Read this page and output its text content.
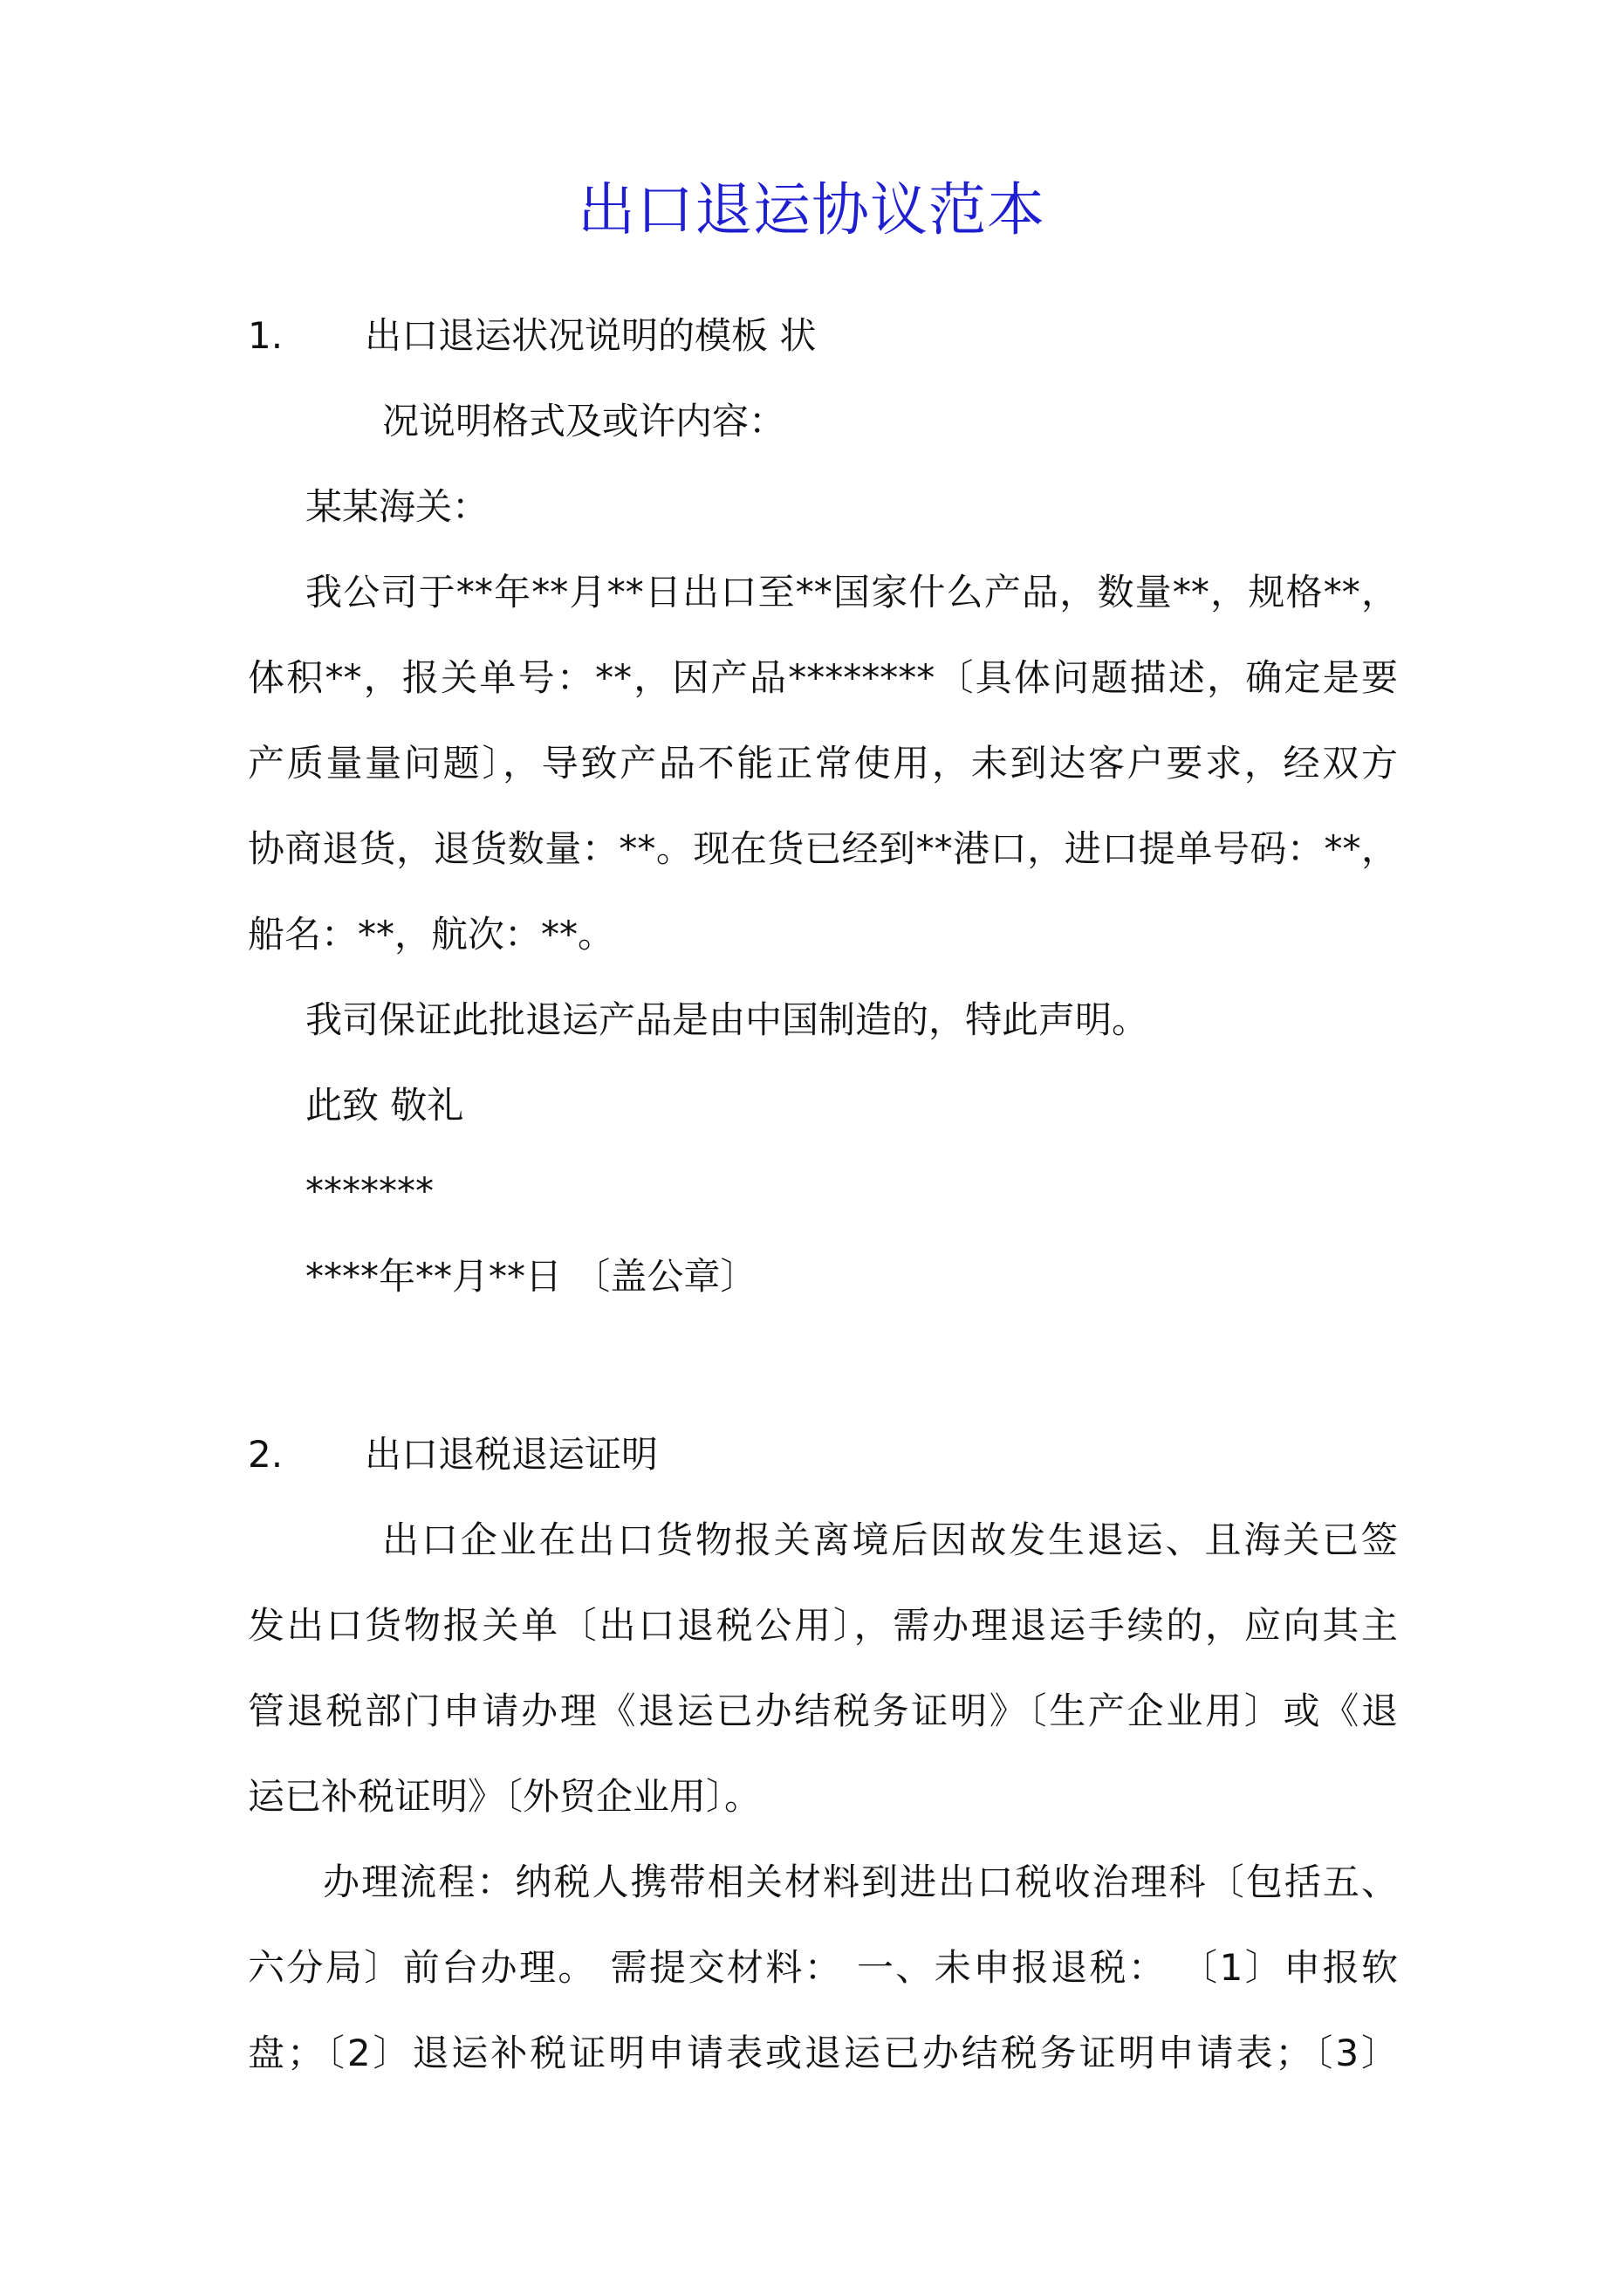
出口退运协议范本
1. 出口退运状况说明的模板 状
况说明格式及或许内容：
某某海关：
我公司于**年**月**日出口至**国家什么产品，数量**，规格**，
体积**，报关单号：**，因产品********〔具体问题描述，确定是要
产质量量问题〕，导致产品不能正常使用，未到达客户要求，经双方
协商退货，退货数量：**。现在货已经到**港口，进口提单号码：**，
船名：**，航次：**。
我司保证此批退运产品是由中国制造的，特此声明。
此致 敬礼
*******
****年**月**日 〔盖公章〕
2. 出口退税退运证明
出口企业在出口货物报关离境后因故发生退运、且海关已签
发出口货物报关单〔出口退税公用〕，需办理退运手续的，应向其主
管退税部门申请办理《退运已办结税务证明》〔生产企业用〕或《退
运已补税证明》〔外贸企业用〕。
办理流程：纳税人携带相关材料到进出口税收治理科〔包括五、
六分局〕前台办理。 需提交材料： 一、未申报退税： 〔1〕申报软
盘；〔2〕退运补税证明申请表或退运已办结税务证明申请表；〔3〕
